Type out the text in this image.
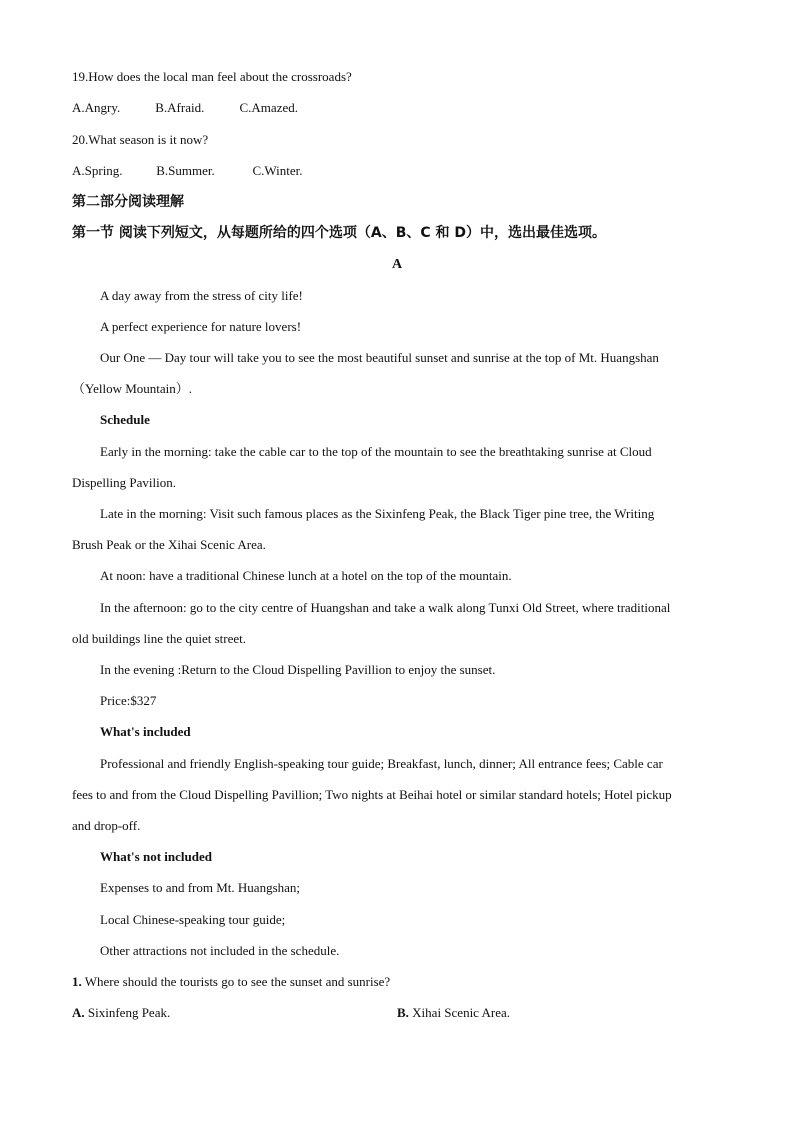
19.How does the local man feel about the crossroads?
A.Angry.	B.Afraid.	C.Amazed.
20.What season is it now?
A.Spring.	B.Summer.	C.Winter.
第二部分阅读理解
第一节 阅读下列短文，从每题所给的四个选项（A、B、C 和 D）中，选出最佳选项。
A
A day away from the stress of city life!
A perfect experience for nature lovers!
Our One — Day tour will take you to see the most beautiful sunset and sunrise at the top of Mt. Huangshan
（Yellow Mountain）.
Schedule
Early in the morning: take the cable car to the top of the mountain to see the breathtaking sunrise at Cloud
Dispelling Pavilion.
Late in the morning: Visit such famous places as the Sixinfeng Peak, the Black Tiger pine tree, the Writing
Brush Peak or the Xihai Scenic Area.
At noon: have a traditional Chinese lunch at a hotel on the top of the mountain.
In the afternoon: go to the city centre of Huangshan and take a walk along Tunxi Old Street, where traditional
old buildings line the quiet street.
In the evening :Return to the Cloud Dispelling Pavillion to enjoy the sunset.
Price:$327
What's included
Professional and friendly English-speaking tour guide; Breakfast, lunch, dinner; All entrance fees; Cable car
fees to and from the Cloud Dispelling Pavillion; Two nights at Beihai hotel or similar standard hotels; Hotel pickup
and drop-off.
What's not included
Expenses to and from Mt. Huangshan;
Local Chinese-speaking tour guide;
Other attractions not included in the schedule.
1. Where should the tourists go to see the sunset and sunrise?
A. Sixinfeng Peak.	B. Xihai Scenic Area.
